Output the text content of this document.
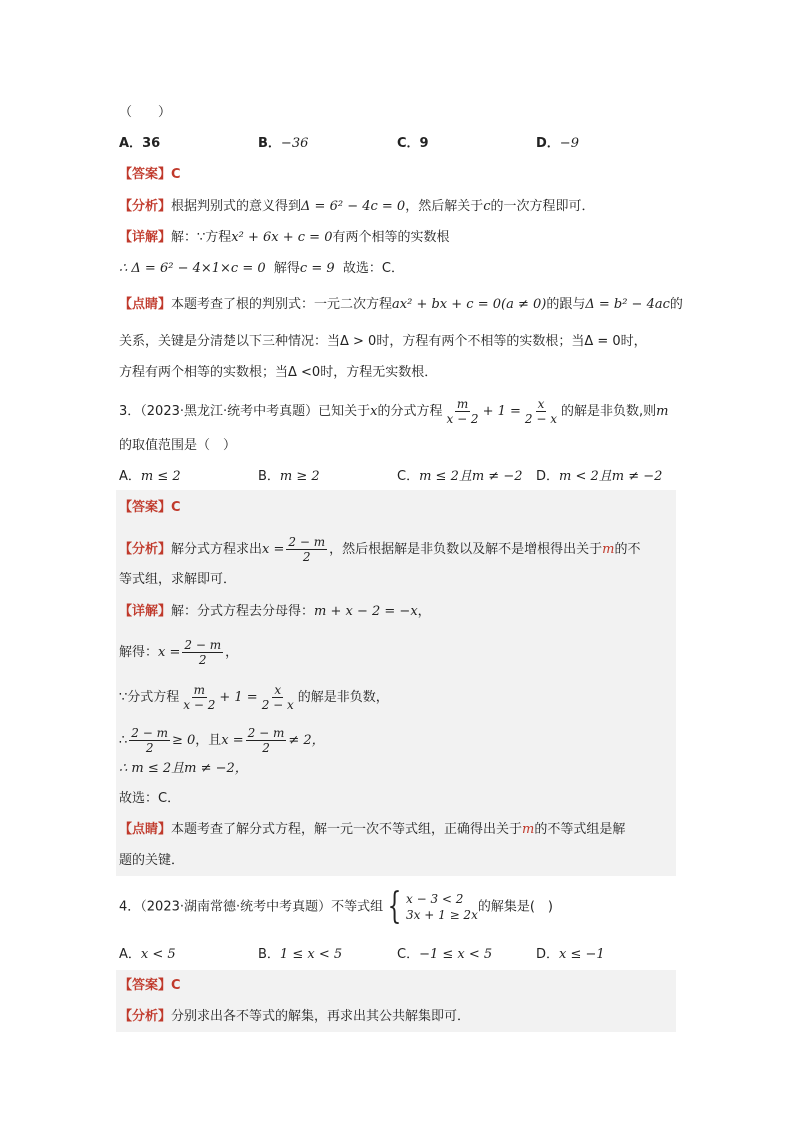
（　　）
A．36	B．−36	C．9	D．−9
【答案】C
【分析】根据判别式的意义得到Δ = 6² − 4c = 0，然后解关于c的一次方程即可．
【详解】解：∵方程x² + 6x + c = 0有两个相等的实数根
∴ Δ = 6² − 4×1×c = 0 解得c = 9 故选：C．
【点睛】本题考查了根的判别式：一元二次方程ax² + bx + c = 0(a ≠ 0)的跟与Δ = b² − 4ac的
关系，关键是分清楚以下三种情况：当Δ > 0时，方程有两个不相等的实数根；当Δ = 0时，
方程有两个相等的实数根；当Δ <0时，方程无实数根．
3．（2023·黑龙江·统考中考真题）已知关于x的分式方程 $\frac{m}{x - 2} + 1 = \frac{x}{2 - x}$ 的解是非负数,则m
的取值范围是（　）
A．m ≤ 2	B．m ≥ 2	C．m ≤ 2且m ≠ −2 D．m < 2且m ≠ −2
【答案】C
【分析】解分式方程求出$x = \frac{2 - m}{2}$ ，然后根据解是非负数以及解不是增根得出关于m的不
等式组，求解即可．
【详解】解：分式方程去分母得：m + x − 2 = −x，
解得：$x = \frac{2 - m}{2}$ ，
∵分式方程 $\frac{m}{x - 2} + 1 = \frac{x}{2 - x}$ 的解是非负数，
∴ $\frac{2 - m}{2} \ge 0$，且$x = \frac{2 - m}{2} \ne 2$，
∴ m ≤ 2且m ≠ −2，
故选：C．
【点睛】本题考查了解分式方程，解一元一次不等式组，正确得出关于m的不等式组是解
题的关键．
4．（2023·湖南常德·统考中考真题）不等式组 { x − 3 < 2
3x + 1 ≥ 2x
的解集是(　)
A．x < 5	B．1 ≤ x < 5	C．−1 ≤ x < 5	D．x ≤ −1
【答案】C
【分析】分别求出各不等式的解集，再求出其公共解集即可．
